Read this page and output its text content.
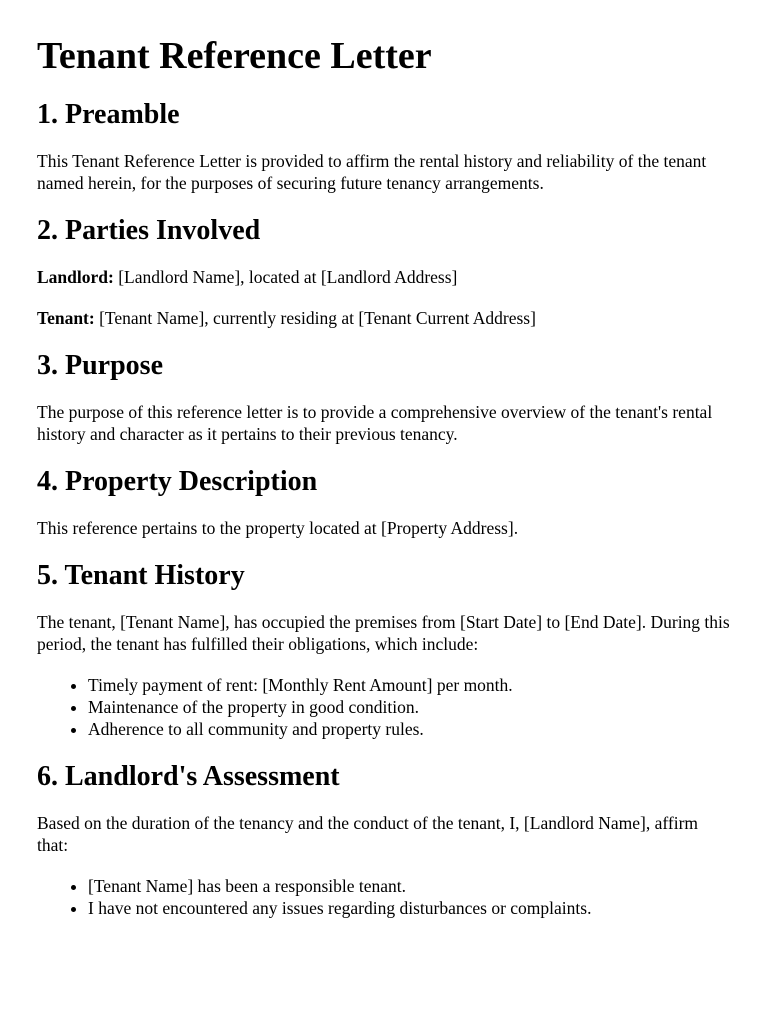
Tenant Reference Letter
1. Preamble

This Tenant Reference Letter is provided to affirm the rental history and reliability of the tenant named herein, for the purposes of securing future tenancy arrangements.

2. Parties Involved

Landlord: [Landlord Name], located at [Landlord Address]

Tenant: [Tenant Name], currently residing at [Tenant Current Address]

3. Purpose

The purpose of this reference letter is to provide a comprehensive overview of the tenant's rental history and character as it pertains to their previous tenancy.

4. Property Description

This reference pertains to the property located at [Property Address].

5. Tenant History

The tenant, [Tenant Name], has occupied the premises from [Start Date] to [End Date]. During this period, the tenant has fulfilled their obligations, which include:

• Timely payment of rent: [Monthly Rent Amount] per month.
• Maintenance of the property in good condition.
• Adherence to all community and property rules.
6. Landlord's Assessment

Based on the duration of the tenancy and the conduct of the tenant, I, [Landlord Name], affirm that:

• [Tenant Name] has been a responsible tenant.
• I have not encountered any issues regarding disturbances or complaints.
